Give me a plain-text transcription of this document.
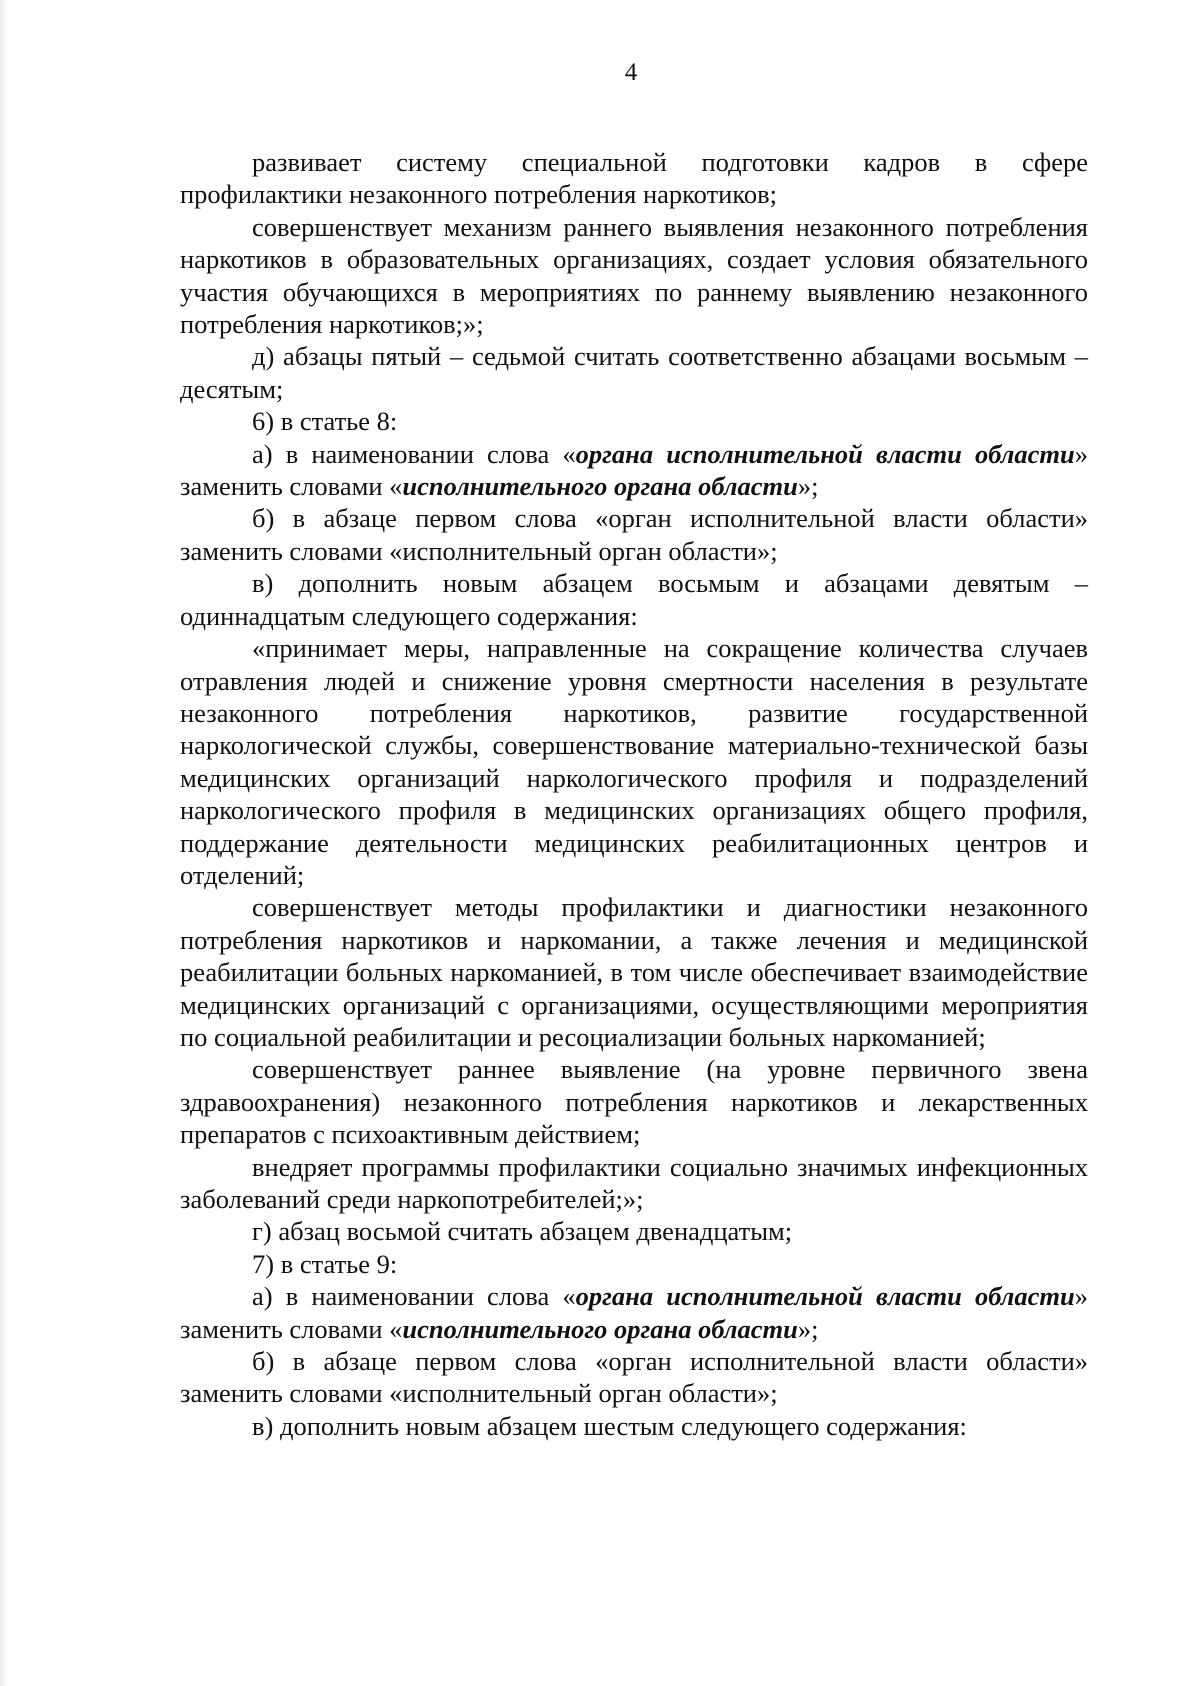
4

развивает систему специальной подготовки кадров в сфере профилактики незаконного потребления наркотиков;

совершенствует механизм раннего выявления незаконного потребления наркотиков в образовательных организациях, создает условия обязательного участия обучающихся в мероприятиях по раннему выявлению незаконного потребления наркотиков;»;

д) абзацы пятый – седьмой считать соответственно абзацами восьмым – десятым;

6) в статье 8:

а) в наименовании слова «органа исполнительной власти области» заменить словами «исполнительного органа области»;

б) в абзаце первом слова «орган исполнительной власти области» заменить словами «исполнительный орган области»;

в) дополнить новым абзацем восьмым и абзацами девятым – одиннадцатым следующего содержания:

«принимает меры, направленные на сокращение количества случаев отравления людей и снижение уровня смертности населения в результате незаконного потребления наркотиков, развитие государственной наркологической службы, совершенствование материально-технической базы медицинских организаций наркологического профиля и подразделений наркологического профиля в медицинских организациях общего профиля, поддержание деятельности медицинских реабилитационных центров и отделений;

совершенствует методы профилактики и диагностики незаконного потребления наркотиков и наркомании, а также лечения и медицинской реабилитации больных наркоманией, в том числе обеспечивает взаимодействие медицинских организаций с организациями, осуществляющими мероприятия по социальной реабилитации и ресоциализации больных наркоманией;

совершенствует раннее выявление (на уровне первичного звена здравоохранения) незаконного потребления наркотиков и лекарственных препаратов с психоактивным действием;

внедряет программы профилактики социально значимых инфекционных заболеваний среди наркопотребителей;»;

г) абзац восьмой считать абзацем двенадцатым;

7) в статье 9:

а) в наименовании слова «органа исполнительной власти области» заменить словами «исполнительного органа области»;

б) в абзаце первом слова «орган исполнительной власти области» заменить словами «исполнительный орган области»;

в) дополнить новым абзацем шестым следующего содержания:
